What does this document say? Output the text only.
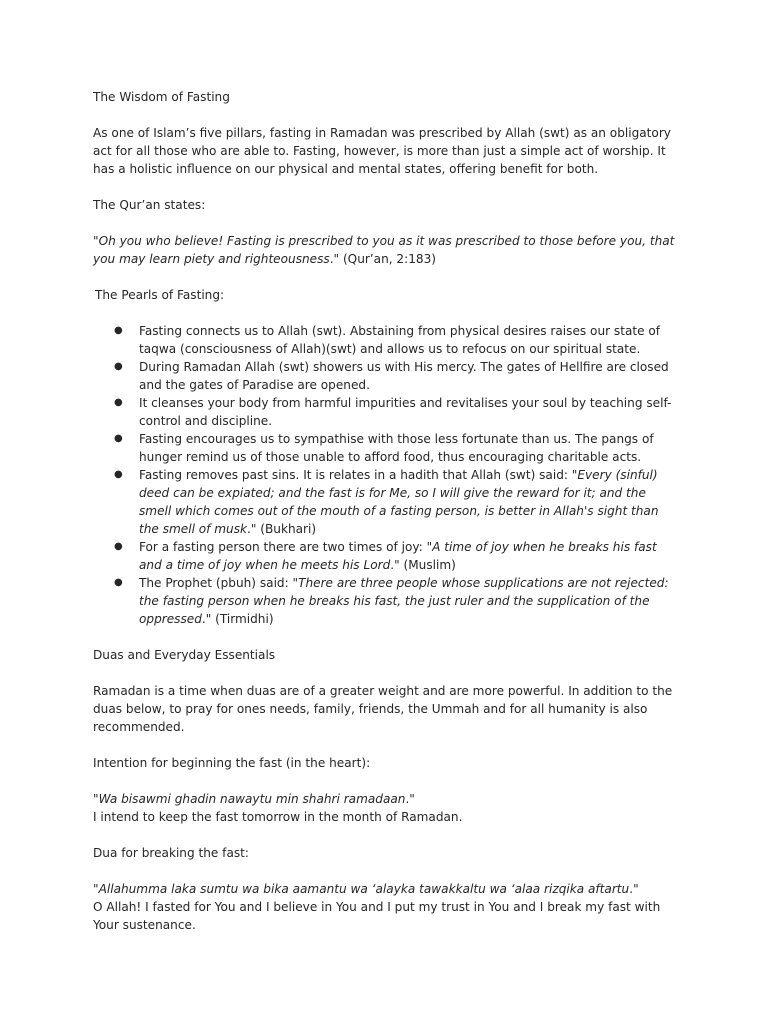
The Wisdom of Fasting

As one of Islam’s five pillars, fasting in Ramadan was prescribed by Allah (swt) as an obligatory act for all those who are able to. Fasting, however, is more than just a simple act of worship. It has a holistic influence on our physical and mental states, offering benefit for both.

The Qur’an states:

"Oh you who believe! Fasting is prescribed to you as it was prescribed to those before you, that you may learn piety and righteousness." (Qur’an, 2:183)

The Pearls of Fasting:

● Fasting connects us to Allah (swt). Abstaining from physical desires raises our state of taqwa (consciousness of Allah)(swt) and allows us to refocus on our spiritual state.
● During Ramadan Allah (swt) showers us with His mercy. The gates of Hellfire are closed and the gates of Paradise are opened.
● It cleanses your body from harmful impurities and revitalises your soul by teaching self-control and discipline.
● Fasting encourages us to sympathise with those less fortunate than us. The pangs of hunger remind us of those unable to afford food, thus encouraging charitable acts.
● Fasting removes past sins. It is relates in a hadith that Allah (swt) said: "Every (sinful) deed can be expiated; and the fast is for Me, so I will give the reward for it; and the smell which comes out of the mouth of a fasting person, is better in Allah's sight than the smell of musk." (Bukhari)
● For a fasting person there are two times of joy: "A time of joy when he breaks his fast and a time of joy when he meets his Lord." (Muslim)
● The Prophet (pbuh) said: "There are three people whose supplications are not rejected: the fasting person when he breaks his fast, the just ruler and the supplication of the oppressed." (Tirmidhi)

Duas and Everyday Essentials

Ramadan is a time when duas are of a greater weight and are more powerful. In addition to the duas below, to pray for ones needs, family, friends, the Ummah and for all humanity is also recommended.

Intention for beginning the fast (in the heart):

"Wa bisawmi ghadin nawaytu min shahri ramadaan."

I intend to keep the fast tomorrow in the month of Ramadan.

Dua for breaking the fast:

"Allahumma laka sumtu wa bika aamantu wa ‘alayka tawakkaltu wa ‘alaa rizqika aftartu."

O Allah! I fasted for You and I believe in You and I put my trust in You and I break my fast with Your sustenance.
